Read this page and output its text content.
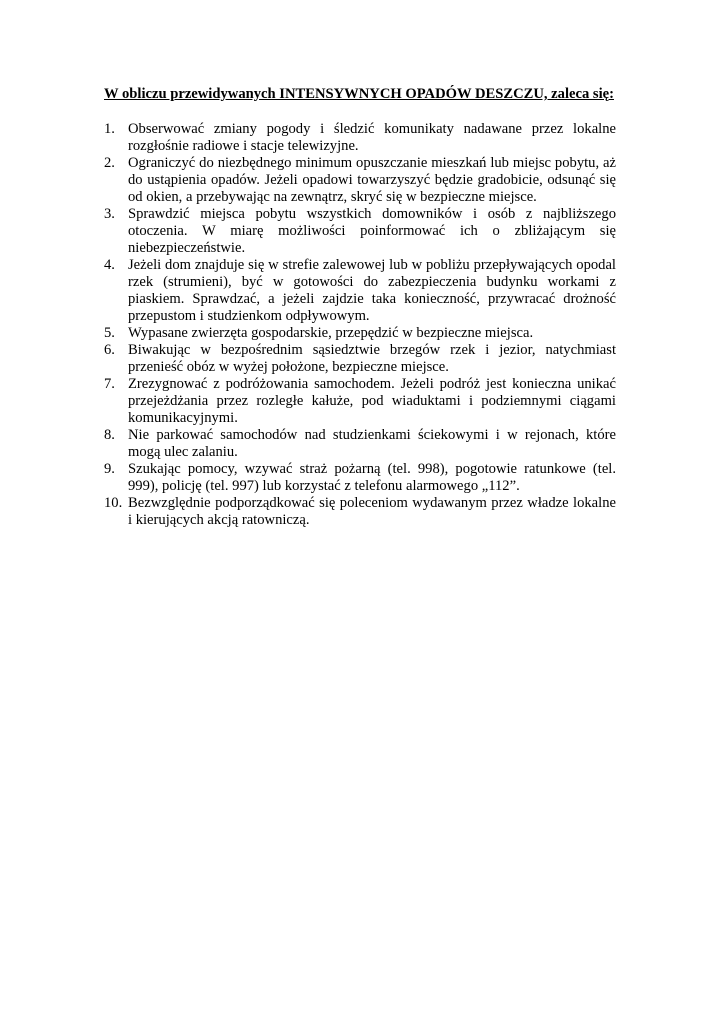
W obliczu przewidywanych INTENSYWNYCH OPADÓW DESZCZU, zaleca się:

1. Obserwować zmiany pogody i śledzić komunikaty nadawane przez lokalne rozgłośnie radiowe i stacje telewizyjne.
2. Ograniczyć do niezbędnego minimum opuszczanie mieszkań lub miejsc pobytu, aż do ustąpienia opadów. Jeżeli opadowi towarzyszyć będzie gradobicie, odsunąć się od okien, a przebywając na zewnątrz, skryć się w bezpieczne miejsce.
3. Sprawdzić miejsca pobytu wszystkich domowników i osób z najbliższego otoczenia. W miarę możliwości poinformować ich o zbliżającym się niebezpieczeństwie.
4. Jeżeli dom znajduje się w strefie zalewowej lub w pobliżu przepływających opodal rzek (strumieni), być w gotowości do zabezpieczenia budynku workami z piaskiem. Sprawdzać, a jeżeli zajdzie taka konieczność, przywracać drożność przepustom i studzienkom odpływowym.
5. Wypasane zwierzęta gospodarskie, przepędzić w bezpieczne miejsca.
6. Biwakując w bezpośrednim sąsiedztwie brzegów rzek i jezior, natychmiast przenieść obóz w wyżej położone, bezpieczne miejsce.
7. Zrezygnować z podróżowania samochodem. Jeżeli podróż jest konieczna unikać przejeżdżania przez rozległe kałuże, pod wiaduktami i podziemnymi ciągami komunikacyjnymi.
8. Nie parkować samochodów nad studzienkami ściekowymi i w rejonach, które mogą ulec zalaniu.
9. Szukając pomocy, wzywać straż pożarną (tel. 998), pogotowie ratunkowe (tel. 999), policję (tel. 997) lub korzystać z telefonu alarmowego „112”.
10. Bezwzględnie podporządkować się poleceniom wydawanym przez władze lokalne i kierujących akcją ratowniczą.
